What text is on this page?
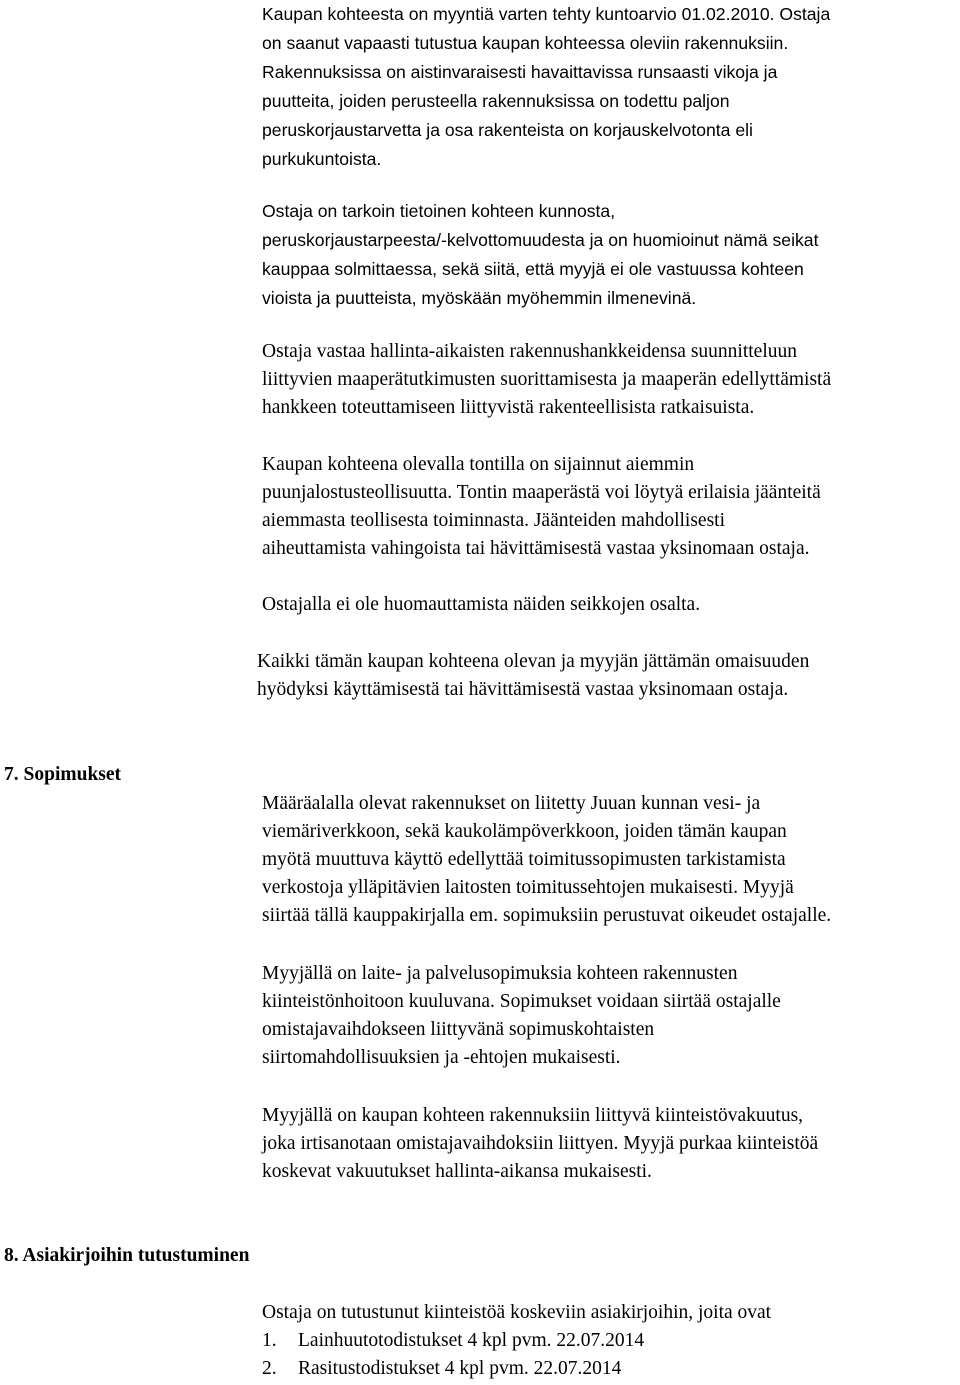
Kaupan kohteesta on myyntiä varten tehty kuntoarvio 01.02.2010. Ostaja
on saanut vapaasti tutustua kaupan kohteessa oleviin rakennuksiin.
Rakennuksissa on aistinvaraisesti havaittavissa runsaasti vikoja ja
puutteita, joiden perusteella rakennuksissa on todettu paljon
peruskorjaustarvetta ja osa rakenteista on korjauskelvotonta eli
purkukuntoista.
Ostaja on tarkoin tietoinen kohteen kunnosta,
peruskorjaustarpeesta/-kelvottomuudesta ja on huomioinut nämä seikat
kauppaa solmittaessa, sekä siitä, että myyjä ei ole vastuussa kohteen
vioista ja puutteista, myöskään myöhemmin ilmenevinä.
Ostaja vastaa hallinta-aikaisten rakennushankkeidensa suunnitteluun
liittyvien maaperätutkimusten suorittamisesta ja maaperän edellyttämistä
hankkeen toteuttamiseen liittyvistä rakenteellisista ratkaisuista.
Kaupan kohteena olevalla tontilla on sijainnut aiemmin
puunjalostusteollisuutta. Tontin maaperästä voi löytyä erilaisia jäänteitä
aiemmasta teollisesta toiminnasta. Jäänteiden mahdollisesti
aiheuttamista vahingoista tai hävittämisestä vastaa yksinomaan ostaja.
Ostajalla ei ole huomauttamista näiden seikkojen osalta.
Kaikki tämän kaupan kohteena olevan ja myyjän jättämän omaisuuden
hyödyksi käyttämisestä tai hävittämisestä vastaa yksinomaan ostaja.
7. Sopimukset
Määräalalla olevat rakennukset on liitetty Juuan kunnan vesi- ja
viemäriverkkoon, sekä kaukolämpöverkkoon, joiden tämän kaupan
myötä muuttuva käyttö edellyttää toimitussopimusten tarkistamista
verkostoja ylläpitävien laitosten toimitussehtojen mukaisesti. Myyjä
siirtää tällä kauppakirjalla em. sopimuksiin perustuvat oikeudet ostajalle.
Myyjällä on laite- ja palvelusopimuksia kohteen rakennusten
kiinteistönhoitoon kuuluvana. Sopimukset voidaan siirtää ostajalle
omistajavaihdokseen liittyvänä sopimuskohtaisten
siirtomahdollisuuksien ja -ehtojen mukaisesti.
Myyjällä on kaupan kohteen rakennuksiin liittyvä kiinteistövakuutus,
joka irtisanotaan omistajavaihdoksiin liittyen. Myyjä purkaa kiinteistöä
koskevat vakuutukset hallinta-aikansa mukaisesti.
8. Asiakirjoihin tutustuminen
Ostaja on tutustunut kiinteistöä koskeviin asiakirjoihin, joita ovat
1. Lainhuutotodistukset 4 kpl pvm. 22.07.2014
2. Rasitustodistukset 4 kpl pvm. 22.07.2014
